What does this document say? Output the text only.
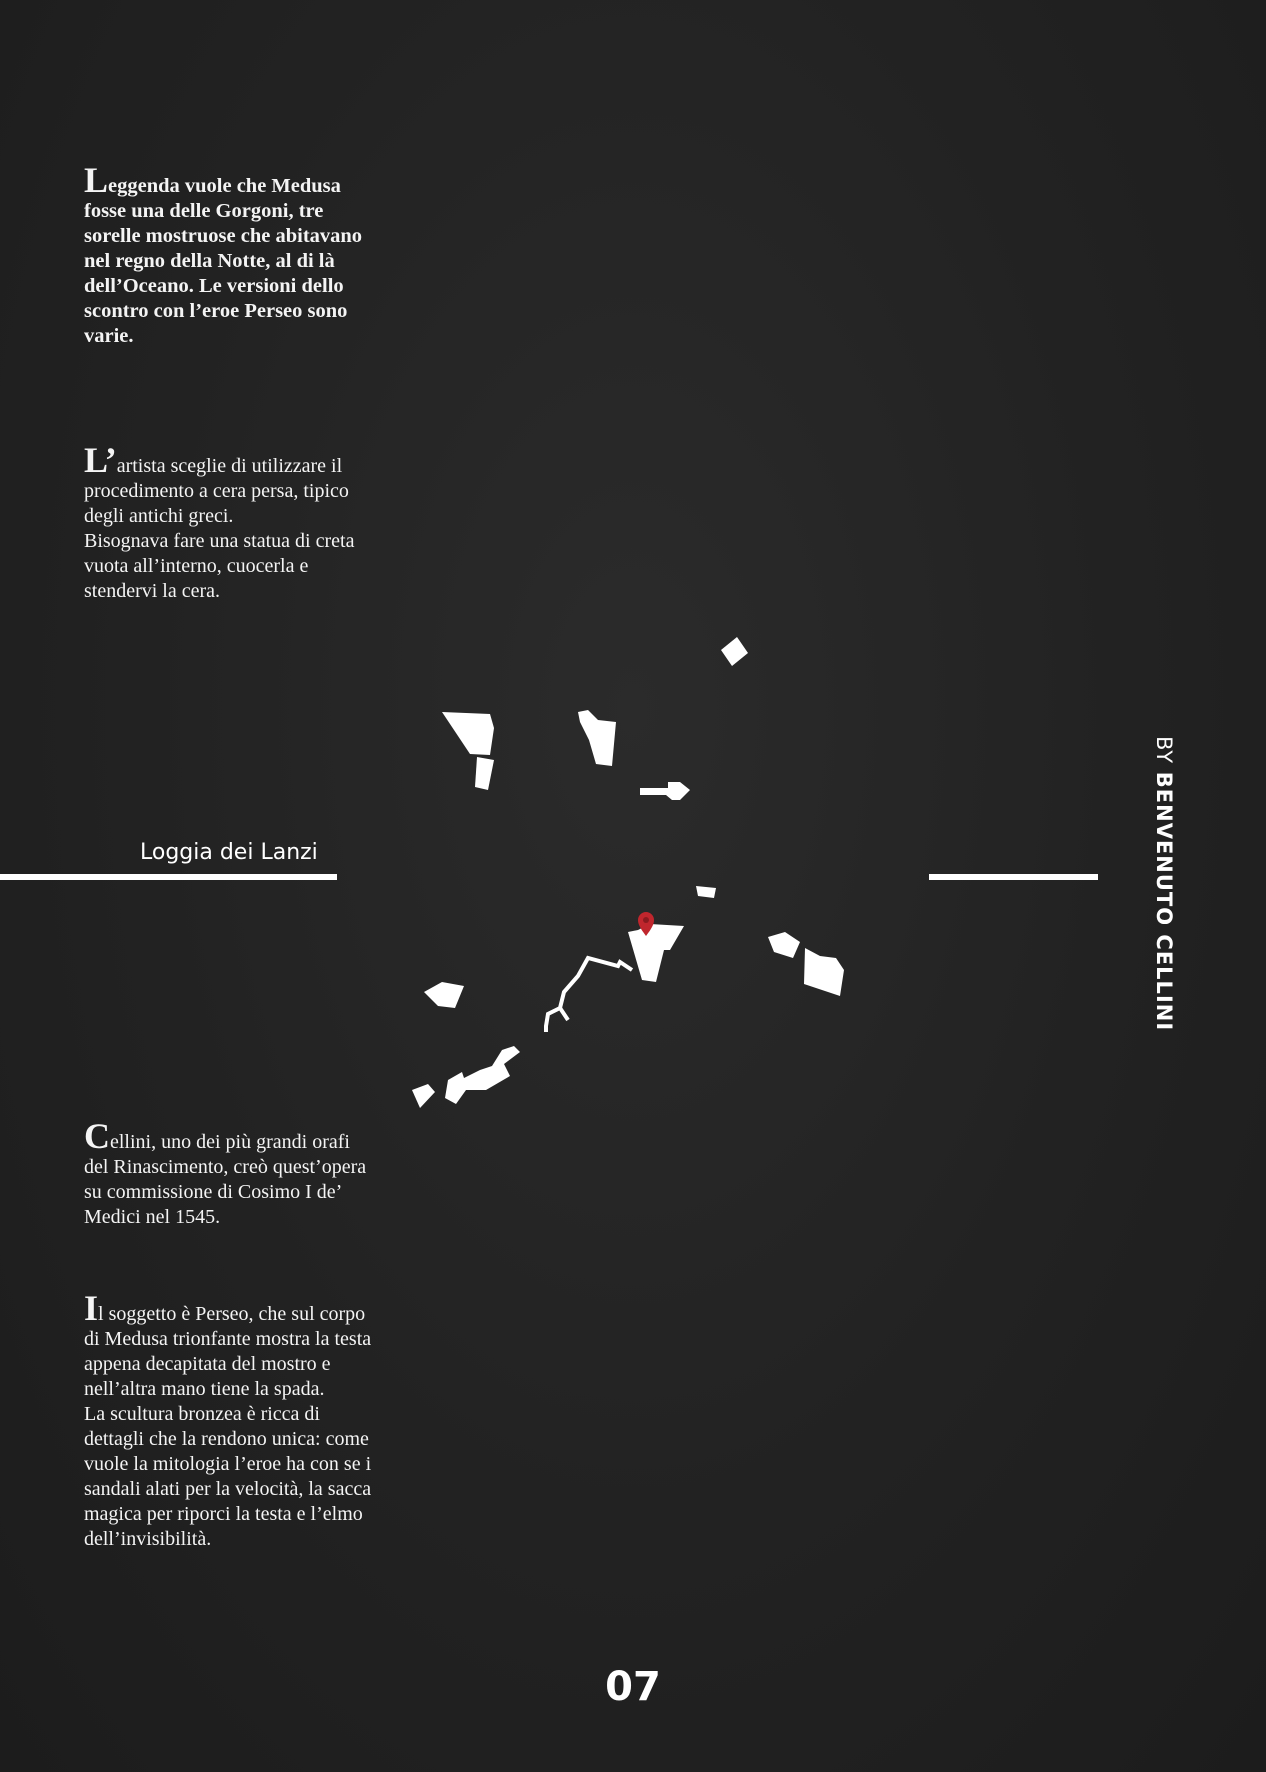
Leggenda vuole che Medusa fosse una delle Gorgoni, tre sorelle mostruose che abitavano nel regno della Notte, al di là dell’Oceano. Le versioni dello scontro con l’eroe Perseo sono varie.

L’artista sceglie di utilizzare il procedimento a cera persa, tipico degli antichi greci.
Bisognava fare una statua di creta vuota all’interno, cuocerla e stendervi la cera.

Loggia dei Lanzi

Cellini, uno dei più grandi orafi del Rinascimento, creò quest’opera su commissione di Cosimo I de’ Medici nel 1545.

Il soggetto è Perseo, che sul corpo di Medusa trionfante mostra la testa appena decapitata del mostro e nell’altra mano tiene la spada.
La scultura bronzea è ricca di dettagli che la rendono unica: come vuole la mitologia l’eroe ha con se i sandali alati per la velocità, la sacca magica per riporci la testa e l’elmo dell’invisibilità.

BY BENVENUTO CELLINI
07
